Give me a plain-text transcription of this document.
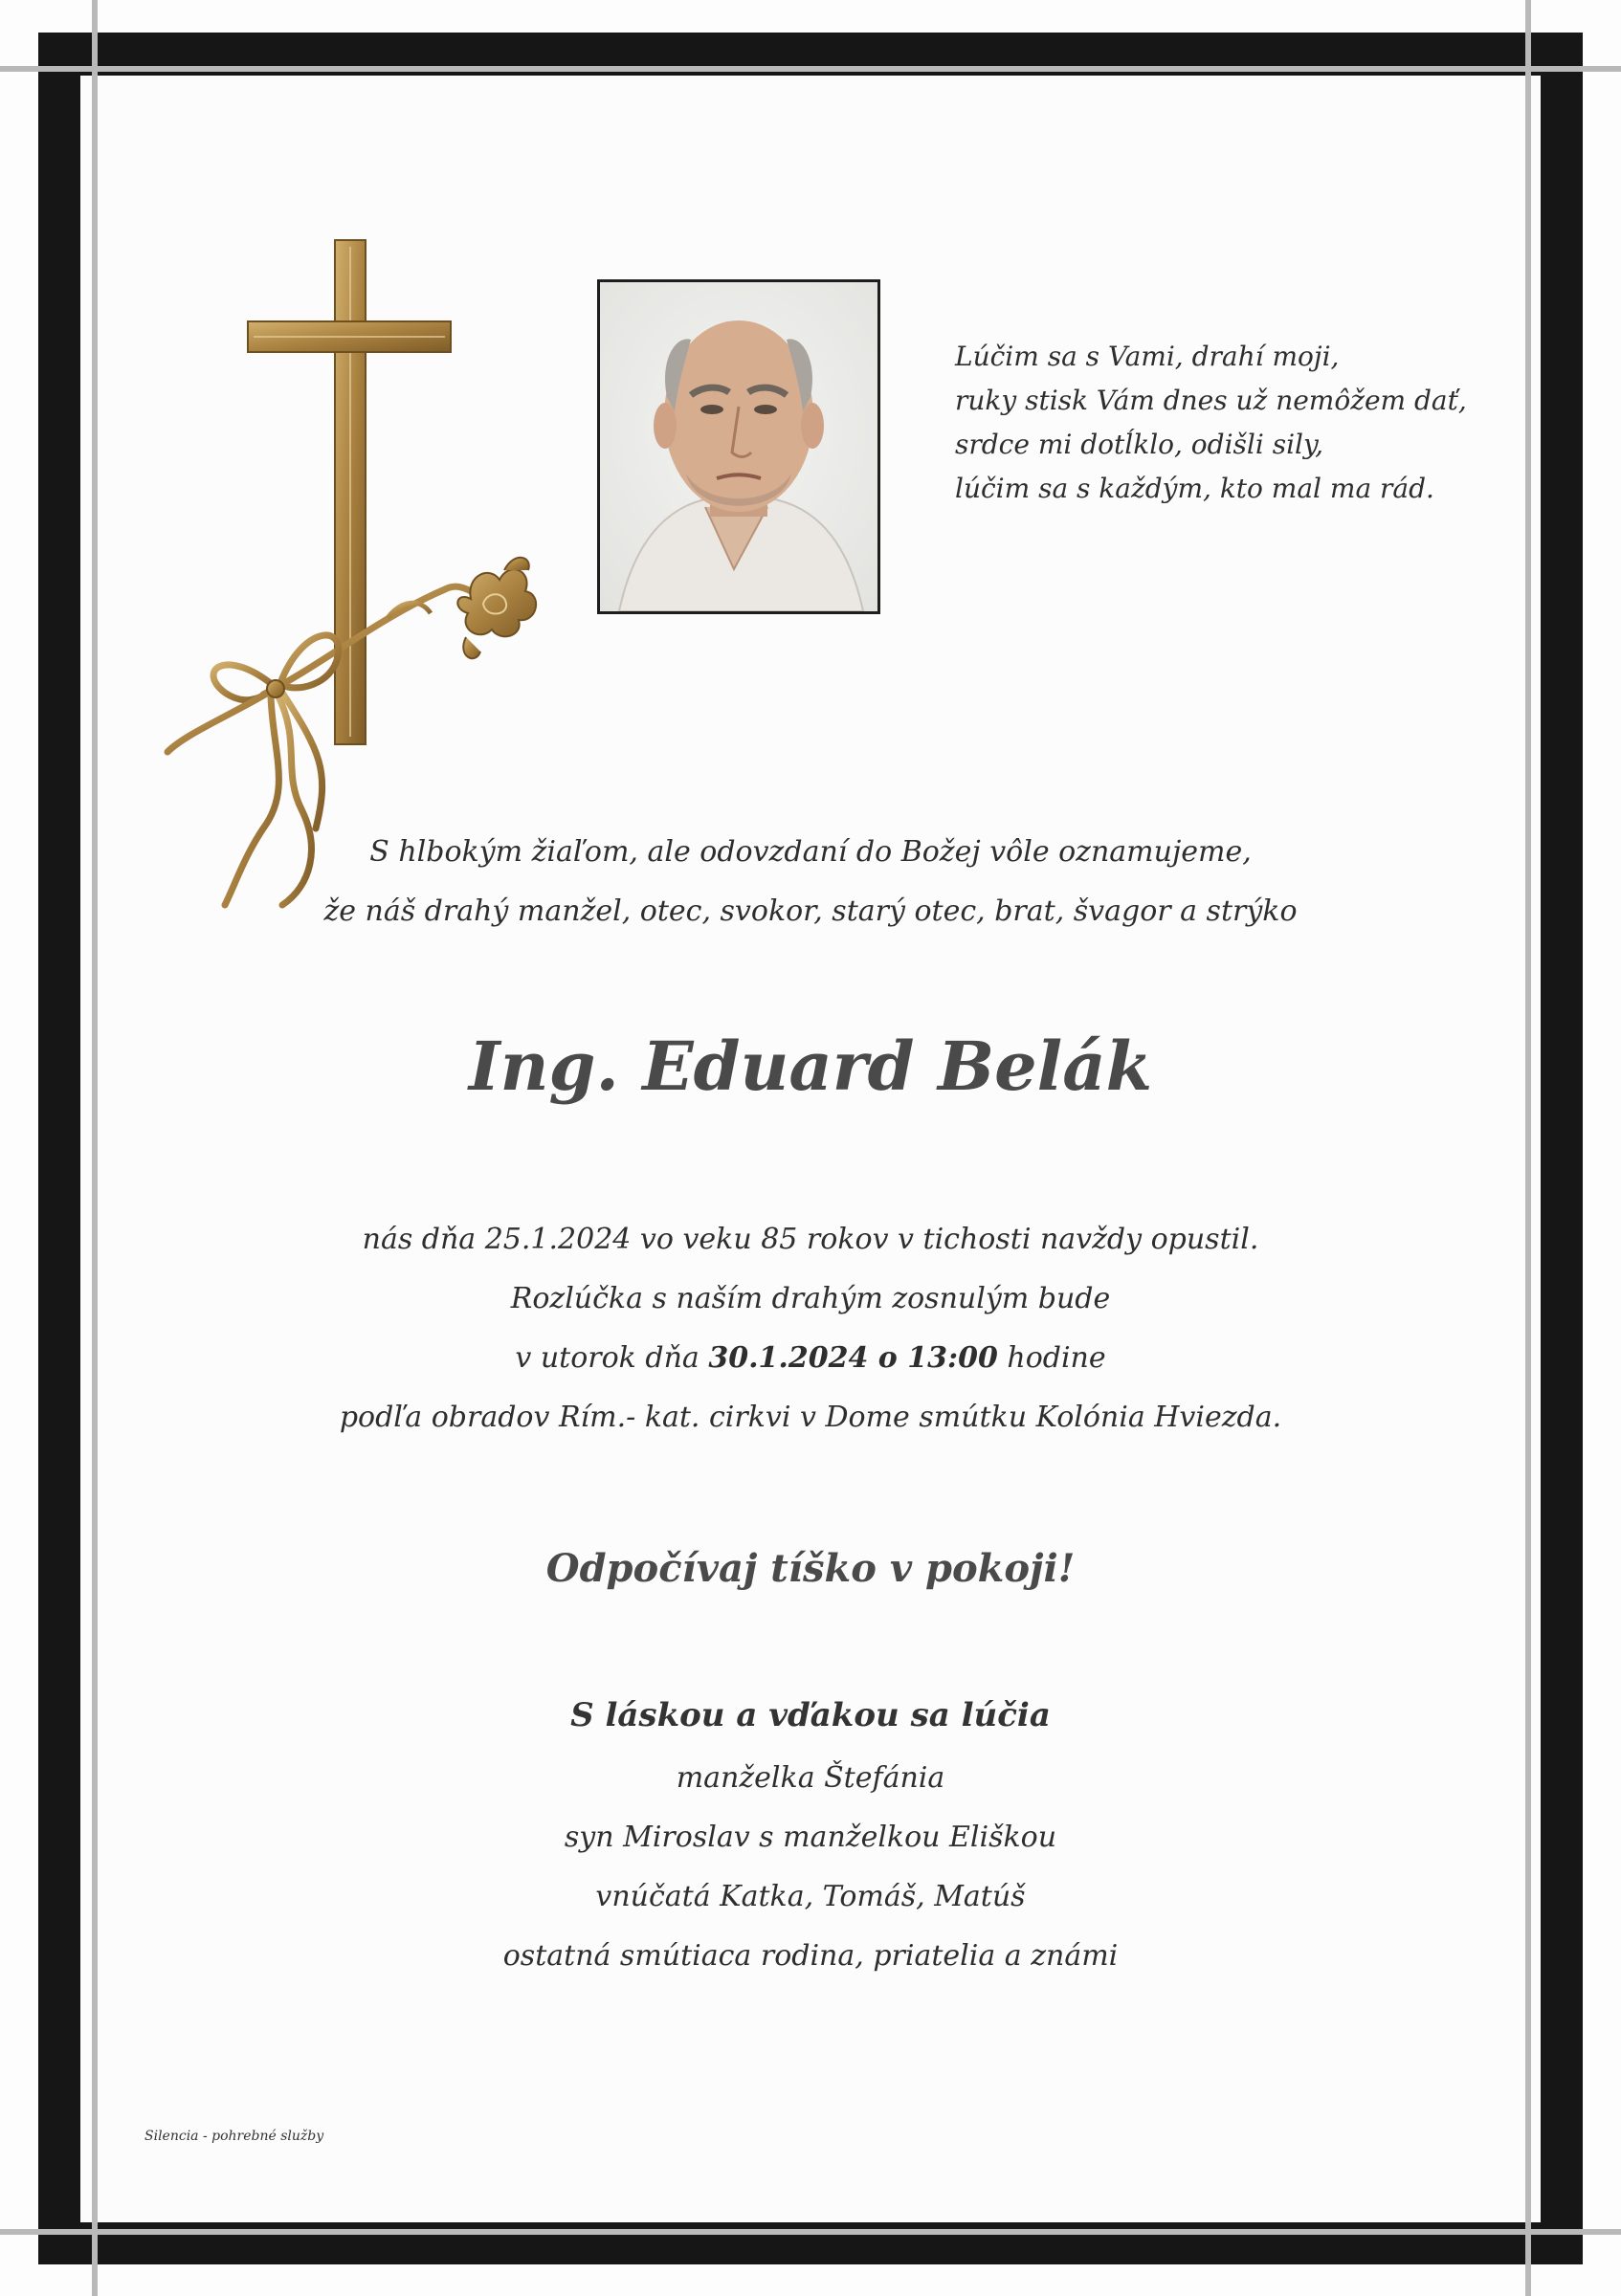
Lúčim sa s Vami, drahí moji,
ruky stisk Vám dnes už nemôžem dať,
srdce mi dotĺklo, odišli sily,
lúčim sa s každým, kto mal ma rád.
S hlbokým žiaľom, ale odovzdaní do Božej vôle oznamujeme,
že náš drahý manžel, otec, svokor, starý otec, brat, švagor a strýko
Ing. Eduard Belák
nás dňa 25.1.2024 vo veku 85 rokov v tichosti navždy opustil.
Rozlúčka s naším drahým zosnulým bude
v utorok dňa 30.1.2024 o 13:00 hodine
podľa obradov Rím.- kat. cirkvi v Dome smútku Kolónia Hviezda.
Odpočívaj tíško v pokoji!
S láskou a vďakou sa lúčia
manželka Štefánia
syn Miroslav s manželkou Eliškou
vnúčatá Katka, Tomáš, Matúš
ostatná smútiaca rodina, priatelia a známi
Silencia - pohrebné služby
